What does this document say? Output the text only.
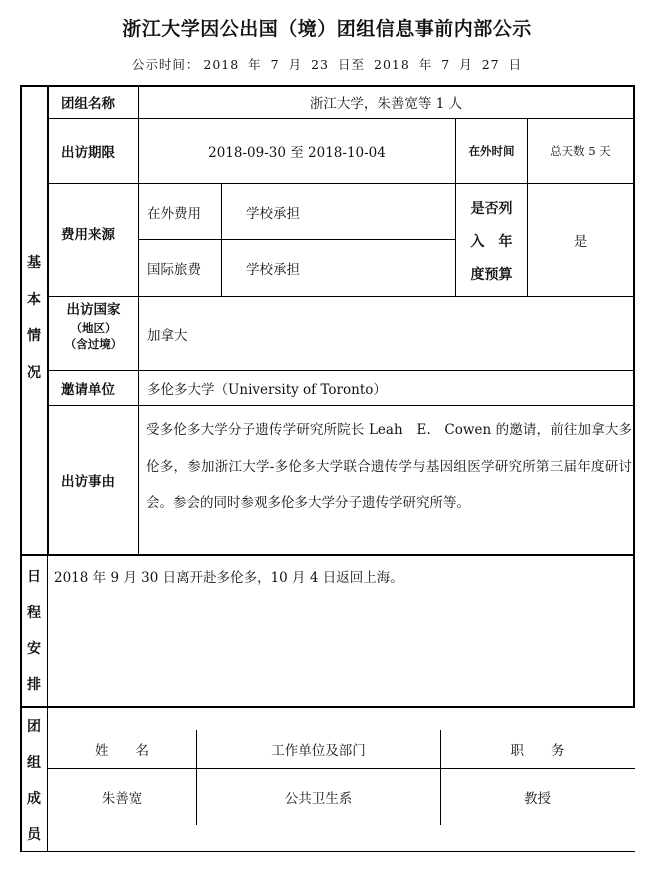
浙江大学因公出国（境）团组信息事前内部公示
公示时间： 2018 年 7 月 23 日至 2018 年 7 月 27 日
基
本
情
况
团组名称	浙江大学，朱善宽等 1 人
出访期限	2018-09-30 至 2018-10-04	在外时间	总天数 5 天
费用来源
在外费用	学校承担
国际旅费	学校承担
是否列
入　年
度预算
是
出访国家
（地区）
（含过境）
加拿大
邀请单位 多伦多大学（University of Toronto）
出访事由
受多伦多大学分子遗传学研究所院长 Leah　E.　Cowen 的邀请，前往加拿大多伦多，参加浙江大学-多伦多大学联合遗传学与基因组医学研究所第三届年度研讨会。参会的同时参观多伦多大学分子遗传学研究所等。
日
程
安
排
2018 年 9 月 30 日离开赴多伦多，10 月 4 日返回上海。
团
组
成
员
姓　　名	工作单位及部门	职　　务
朱善宽	公共卫生系	教授
